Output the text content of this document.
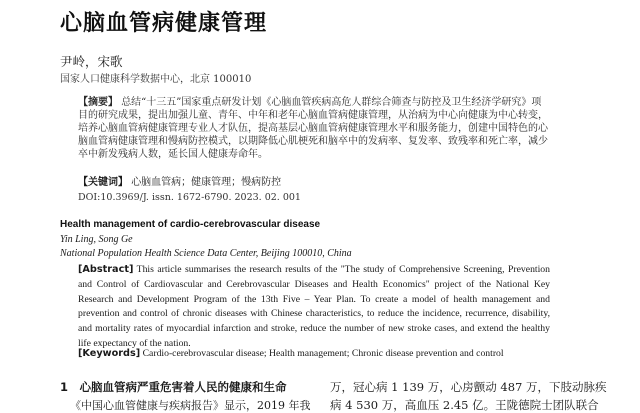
心脑血管病健康管理
尹岭，宋歌
国家人口健康科学数据中心，北京 100010
【摘要】 总结“十三五”国家重点研发计划《心脑血管疾病高危人群综合筛查与防控及卫生经济学研究》项目的研究成果，提出加强儿童、青年、中年和老年心脑血管病健康管理，从治病为中心向健康为中心转变，培养心脑血管病健康管理专业人才队伍，提高基层心脑血管病健康管理水平和服务能力，创建中国特色的心脑血管病健康管理和慢病防控模式，以期降低心肌梗死和脑卒中的发病率、复发率、致残率和死亡率，减少卒中新发残病人数，延长国人健康寿命年。
【关键词】 心脑血管病；健康管理；慢病防控
DOI:10.3969/J. issn. 1672-6790. 2023. 02. 001
Health management of cardio-cerebrovascular disease
Yin Ling, Song Ge
National Population Health Science Data Center, Beijing 100010, China
[Abstract] This article summarises the research results of the "The study of Comprehensive Screening, Prevention and Control of Cardiovascular and Cerebrovascular Diseases and Health Economics" project of the National Key Research and Development Program of the 13th Five – Year Plan. To create a model of health management and prevention and control of chronic diseases with Chinese characteristics, to reduce the incidence, recurrence, disability, and mortality rates of myocardial infarction and stroke, reduce the number of new stroke cases, and extend the healthy life expectancy of the nation.
[Keywords] Cardio-cerebrovascular disease; Health management; Chronic disease prevention and control
1　心脑血管病严重危害着人民的健康和生命
《中国心血管健康与疾病报告》显示，2019 年我
万，冠心病 1 139 万，心房颤动 487 万，下肢动脉疾
病 4 530 万，高血压 2.45 亿。王陇德院士团队联合
